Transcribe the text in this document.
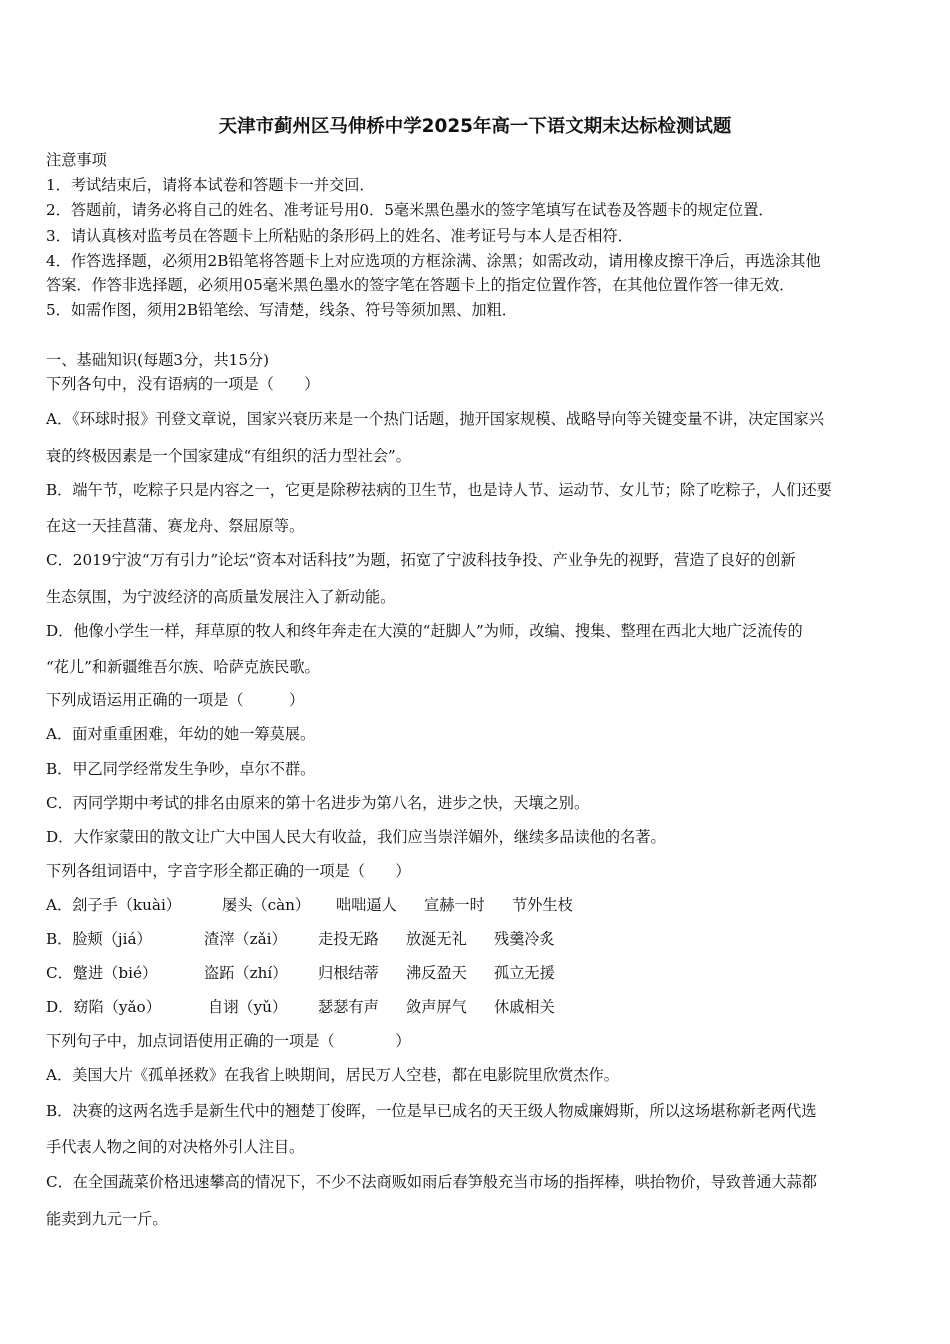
天津市蓟州区马伸桥中学2025年高一下语文期末达标检测试题
注意事项
1．考试结束后，请将本试卷和答题卡一并交回．
2．答题前，请务必将自己的姓名、准考证号用0．5毫米黑色墨水的签字笔填写在试卷及答题卡的规定位置．
3．请认真核对监考员在答题卡上所粘贴的条形码上的姓名、准考证号与本人是否相符．
4．作答选择题，必须用2B铅笔将答题卡上对应选项的方框涂满、涂黑；如需改动，请用橡皮擦干净后，再选涂其他
答案．作答非选择题，必须用05毫米黑色墨水的签字笔在答题卡上的指定位置作答，在其他位置作答一律无效．
5．如需作图，须用2B铅笔绘、写清楚，线条、符号等须加黑、加粗．
一、基础知识(每题3分，共15分)
下列各句中，没有语病的一项是（　　）
A．《环球时报》刊登文章说，国家兴衰历来是一个热门话题，抛开国家规模、战略导向等关键变量不讲，决定国家兴
衰的终极因素是一个国家建成“有组织的活力型社会”。
B．端午节，吃粽子只是内容之一，它更是除秽祛病的卫生节，也是诗人节、运动节、女儿节；除了吃粽子，人们还要
在这一天挂菖蒲、赛龙舟、祭屈原等。
C．2019宁波“万有引力”论坛“资本对话科技”为题，拓宽了宁波科技争投、产业争先的视野，营造了良好的创新
生态氛围，为宁波经济的高质量发展注入了新动能。
D．他像小学生一样，拜草原的牧人和终年奔走在大漠的“赶脚人”为师，改编、搜集、整理在西北大地广泛流传的
“花儿”和新疆维吾尔族、哈萨克族民歌。
下列成语运用正确的一项是（　　　）
A．面对重重困难，年幼的她一筹莫展。
B．甲乙同学经常发生争吵，卓尔不群。
C．丙同学期中考试的排名由原来的第十名进步为第八名，进步之快，天壤之别。
D．大作家蒙田的散文让广大中国人民大有收益，我们应当崇洋媚外，继续多品读他的名著。
下列各组词语中，字音字形全都正确的一项是（　　）
A．刽子手（kuài）	屡头（càn） 咄咄逼人 宣赫一时 节外生枝
B．脸颊（jiá）	渣滓（zǎi） 走投无路 放涎无礼 残羹冷炙
C．蹩进（bié）	盗跖（zhí） 归根结蒂 沸反盈天 孤立无援
D．窈陷（yǎo）	自诩（yǔ） 瑟瑟有声 敛声屏气 休戚相关
下列句子中，加点词语使用正确的一项是（　　　　）
A．美国大片《孤单拯救》在我省上映期间，居民万人空巷，都在电影院里欣赏杰作。
B．决赛的这两名选手是新生代中的翘楚丁俊晖，一位是早已成名的天王级人物威廉姆斯，所以这场堪称新老两代选
手代表人物之间的对决格外引人注目。
C．在全国蔬菜价格迅速攀高的情况下，不少不法商贩如雨后春笋般充当市场的指挥棒，哄抬物价，导致普通大蒜都
能卖到九元一斤。
